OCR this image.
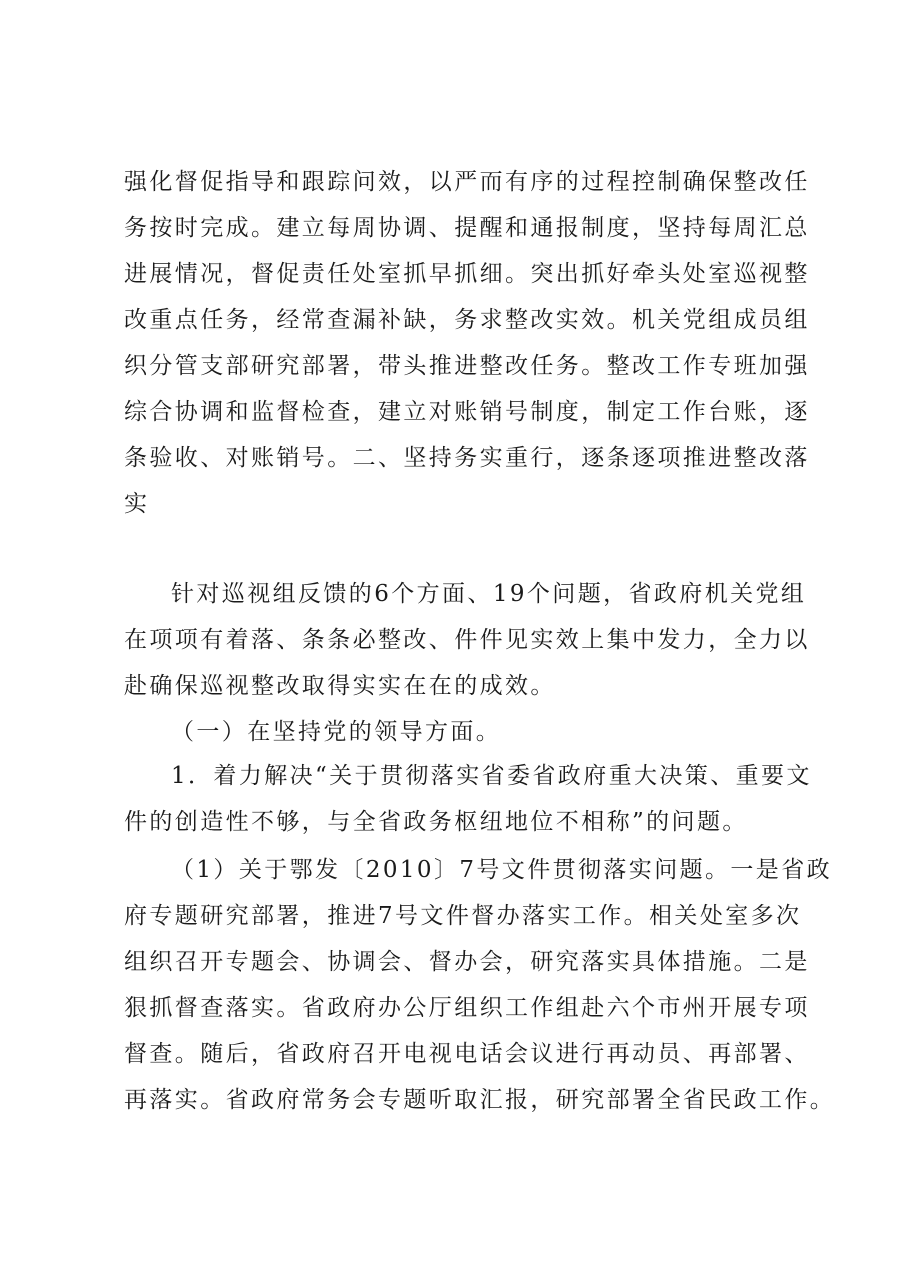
强化督促指导和跟踪问效，以严而有序的过程控制确保整改任
务按时完成。建立每周协调、提醒和通报制度，坚持每周汇总
进展情况，督促责任处室抓早抓细。突出抓好牵头处室巡视整
改重点任务，经常查漏补缺，务求整改实效。机关党组成员组
织分管支部研究部署，带头推进整改任务。整改工作专班加强
综合协调和监督检查，建立对账销号制度，制定工作台账，逐
条验收、对账销号。二、坚持务实重行，逐条逐项推进整改落
实
针对巡视组反馈的6个方面、19个问题，省政府机关党组
在项项有着落、条条必整改、件件见实效上集中发力，全力以
赴确保巡视整改取得实实在在的成效。
（一）在坚持党的领导方面。
1．着力解决“关于贯彻落实省委省政府重大决策、重要文
件的创造性不够，与全省政务枢纽地位不相称”的问题。
（1）关于鄂发〔2010〕7号文件贯彻落实问题。一是省政
府专题研究部署，推进7号文件督办落实工作。相关处室多次
组织召开专题会、协调会、督办会，研究落实具体措施。二是
狠抓督查落实。省政府办公厅组织工作组赴六个市州开展专项
督查。随后，省政府召开电视电话会议进行再动员、再部署、
再落实。省政府常务会专题听取汇报，研究部署全省民政工作。
